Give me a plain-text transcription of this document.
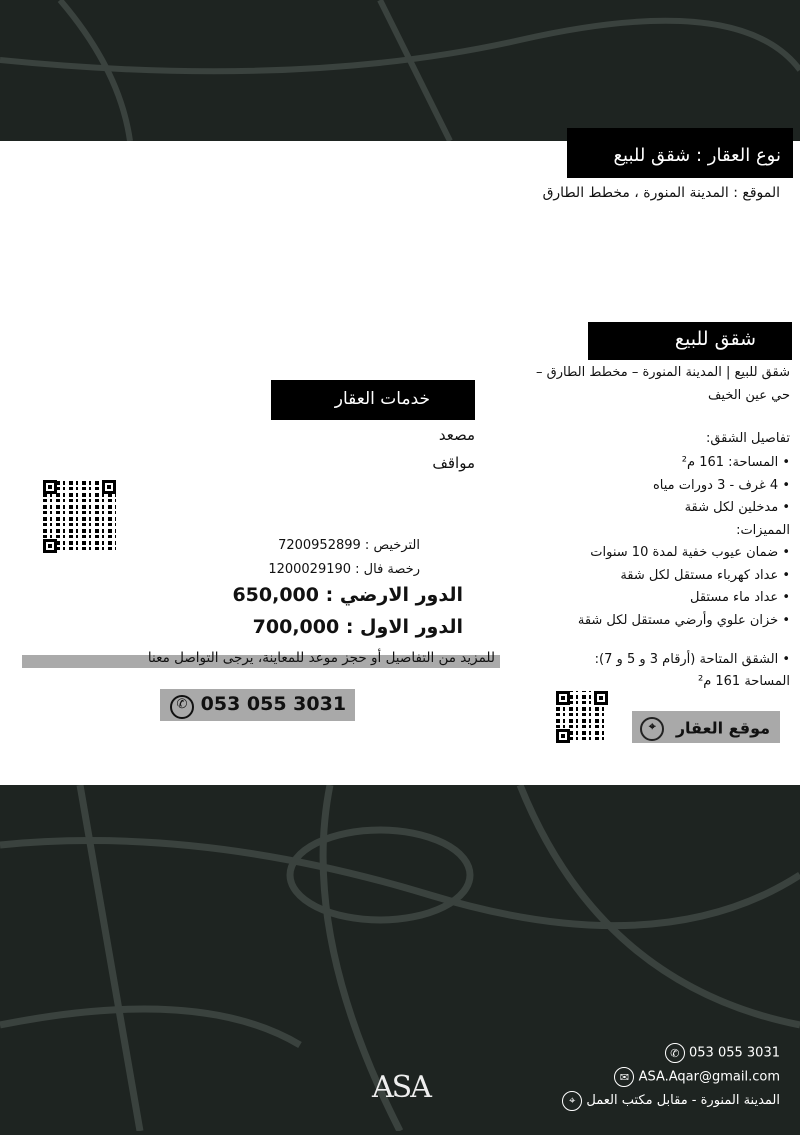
نوع العقار : شقق للبيع
الموقع : المدينة المنورة ، مخطط الطارق
شقق للبيع
شقق للبيع | المدينة المنورة – مخطط الطارق –
حي عين الخيف
تفاصيل الشقق:
• المساحة: 161 م²
• 4 غرف - 3 دورات مياه
• مدخلين لكل شقة
المميزات:
• ضمان عيوب خفية لمدة 10 سنوات
• عداد كهرباء مستقل لكل شقة
• عداد ماء مستقل
• خزان علوي وأرضي مستقل لكل شقة
• الشقق المتاحة (أرقام 3 و 5 و 7):
المساحة 161 م²
موقع العقار ⌖
خدمات العقار
مصعد
مواقف
الترخيص : 7200952899
رخصة فال : 1200029190
الدور الارضي : 650,000
الدور الاول : 700,000
للمزيد من التفاصيل أو حجز موعد للمعاينة، يرجى التواصل معنا
✆ 053 055 3031
✆ 053 055 3031
✉ ASA.Aqar@gmail.com
المدينة المنورة - مقابل مكتب العمل ⌖
ASA
